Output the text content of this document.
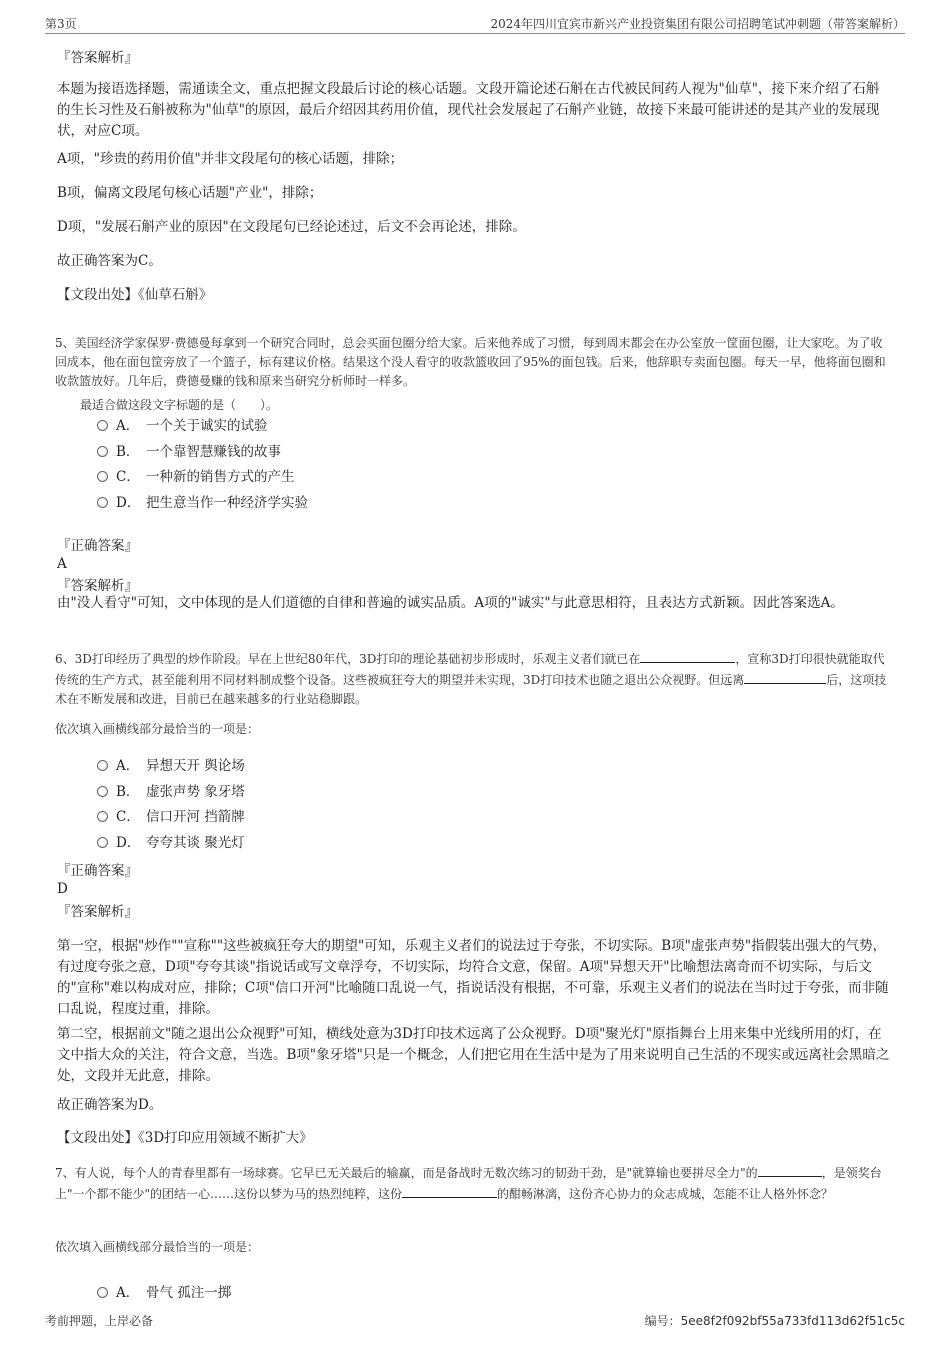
第3页	2024年四川宜宾市新兴产业投资集团有限公司招聘笔试冲刺题（带答案解析）
『答案解析』
本题为接语选择题，需通读全文，重点把握文段最后讨论的核心话题。文段开篇论述石斛在古代被民间药人视为"仙草"，接下来介绍了石斛的生长习性及石斛被称为"仙草"的原因，最后介绍因其药用价值，现代社会发展起了石斛产业链，故接下来最可能讲述的是其产业的发展现状，对应C项。
A项，"珍贵的药用价值"并非文段尾句的核心话题，排除；
B项，偏离文段尾句核心话题"产业"，排除；
D项，"发展石斛产业的原因"在文段尾句已经论述过，后文不会再论述，排除。
故正确答案为C。
【文段出处】《仙草石斛》
5、美国经济学家保罗·费德曼每拿到一个研究合同时，总会买面包圈分给大家。后来他养成了习惯，每到周末都会在办公室放一筐面包圈，让大家吃。为了收回成本，他在面包筐旁放了一个篮子，标有建议价格。结果这个没人看守的收款篮收回了95%的面包钱。后来，他辞职专卖面包圈。每天一早，他将面包圈和收款篮放好。几年后，费德曼赚的钱和原来当研究分析师时一样多。
最适合做这段文字标题的是（　　）。
A． 一个关于诚实的试验
B． 一个靠智慧赚钱的故事
C． 一种新的销售方式的产生
D． 把生意当作一种经济学实验
『正确答案』
A
『答案解析』
由"没人看守"可知，文中体现的是人们道德的自律和普遍的诚实品质。A项的"诚实"与此意思相符，且表达方式新颖。因此答案选A。
6、3D打印经历了典型的炒作阶段。早在上世纪80年代，3D打印的理论基础初步形成时，乐观主义者们就已在	，宣称3D打印很快就能取代传统的生产方式，甚至能利用不同材料制成整个设备。这些被疯狂夸大的期望并未实现，3D打印技术也随之退出公众视野。但远离	后，这项技术在不断发展和改进，目前已在越来越多的行业站稳脚跟。
依次填入画横线部分最恰当的一项是：
A． 异想天开 舆论场
B． 虚张声势 象牙塔
C． 信口开河 挡箭牌
D． 夸夸其谈 聚光灯
『正确答案』
D
『答案解析』
第一空，根据"炒作""宣称""这些被疯狂夸大的期望"可知，乐观主义者们的说法过于夸张，不切实际。B项"虚张声势"指假装出强大的气势，有过度夸张之意，D项"夸夸其谈"指说话或写文章浮夸，不切实际，均符合文意，保留。A项"异想天开"比喻想法离奇而不切实际，与后文的"宣称"难以构成对应，排除；C项"信口开河"比喻随口乱说一气，指说话没有根据，不可靠，乐观主义者们的说法在当时过于夸张，而非随口乱说，程度过重，排除。
第二空，根据前文"随之退出公众视野"可知，横线处意为3D打印技术远离了公众视野。D项"聚光灯"原指舞台上用来集中光线所用的灯，在文中指大众的关注，符合文意，当选。B项"象牙塔"只是一个概念，人们把它用在生活中是为了用来说明自己生活的不现实或远离社会黑暗之处，文段并无此意，排除。
故正确答案为D。
【文段出处】《3D打印应用领域不断扩大》
7、有人说，每个人的青春里都有一场球赛。它早已无关最后的输赢，而是备战时无数次练习的韧劲干劲，是"就算输也要拼尽全力"的	，是领奖台上"一个都不能少"的团结一心……这份以梦为马的热烈纯粹，这份	的酣畅淋漓，这份齐心协力的众志成城，怎能不让人格外怀念？
依次填入画横线部分最恰当的一项是：
A． 骨气 孤注一掷
考前押题，上岸必备	编号：5ee8f2f092bf55a733fd113d62f51c5c
